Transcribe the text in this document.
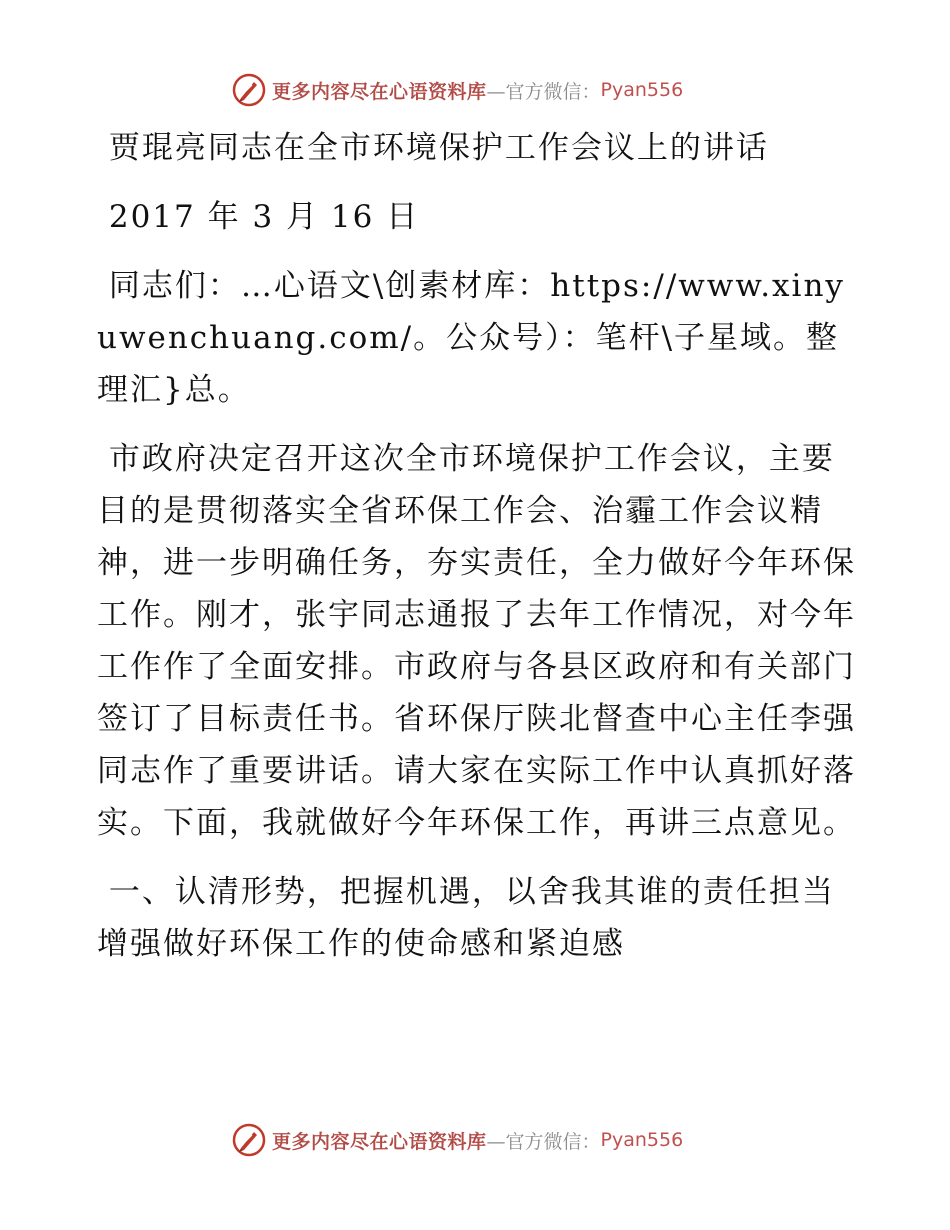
更多内容尽在心语资料库 —官方微信： Pyan556

贾琨亮同志在全市环境保护工作会议上的讲话

2017 年 3 月 16 日

同志们：…心语文\创素材库：https://www.xinyuwenchuang.com/。公众号）：笔杆\子星域。整理汇}总。

市政府决定召开这次全市环境保护工作会议，主要目的是贯彻落实全省环保工作会、治霾工作会议精神，进一步明确任务，夯实责任，全力做好今年环保工作。刚才，张宇同志通报了去年工作情况，对今年工作作了全面安排。市政府与各县区政府和有关部门签订了目标责任书。省环保厅陕北督查中心主任李强同志作了重要讲话。请大家在实际工作中认真抓好落实。下面，我就做好今年环保工作，再讲三点意见。

一、认清形势，把握机遇，以舍我其谁的责任担当增强做好环保工作的使命感和紧迫感

更多内容尽在心语资料库 —官方微信： Pyan556
